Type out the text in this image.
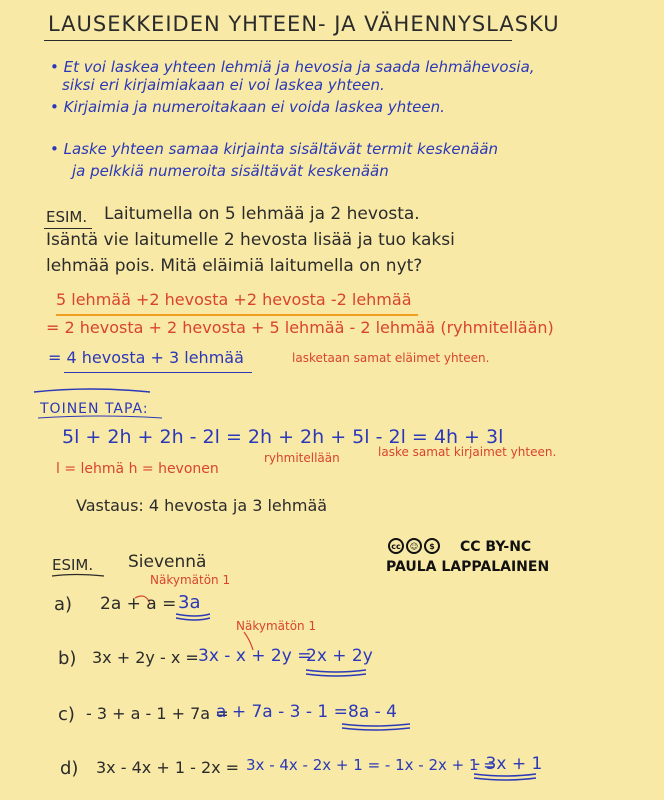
LAUSEKKEIDEN YHTEEN- JA VÄHENNYSLASKU
• Et voi laskea yhteen lehmiä ja hevosia ja saada lehmähevosia,
siksi eri kirjaimiakaan ei voi laskea yhteen.
• Kirjaimia ja numeroitakaan ei voida laskea yhteen.
• Laske yhteen samaa kirjainta sisältävät termit keskenään
ja pelkkiä numeroita sisältävät keskenään
ESIM. Laitumella on 5 lehmää ja 2 hevosta.
Isäntä vie laitumelle 2 hevosta lisää ja tuo kaksi
lehmää pois. Mitä eläimiä laitumella on nyt?
5 lehmää +2 hevosta +2 hevosta -2 lehmää
= 2 hevosta + 2 hevosta + 5 lehmää - 2 lehmää (ryhmitellään)
= 4 hevosta + 3 lehmää	lasketaan samat eläimet yhteen.
TOINEN TAPA:
5l + 2h + 2h - 2l = 2h + 2h + 5l - 2l = 4h + 3l
l = lehmä h = hevonen
ryhmitellään	laske samat kirjaimet yhteen.
Vastaus: 4 hevosta ja 3 lehmää
cc	☺	$	CC BY-NC
PAULA LAPPALAINEN
ESIM. Sievennä
a) 2a + a = 3a
Näkymätön 1
b) 3x + 2y - x = 3x - x + 2y =
2x + 2y
Näkymätön 1
c) - 3 + a - 1 + 7a =
a + 7a - 3 - 1 = 8a - 4
d) 3x - 4x + 1 - 2x = 3x - 4x - 2x + 1 = - 1x - 2x + 1 =
- 3x + 1
